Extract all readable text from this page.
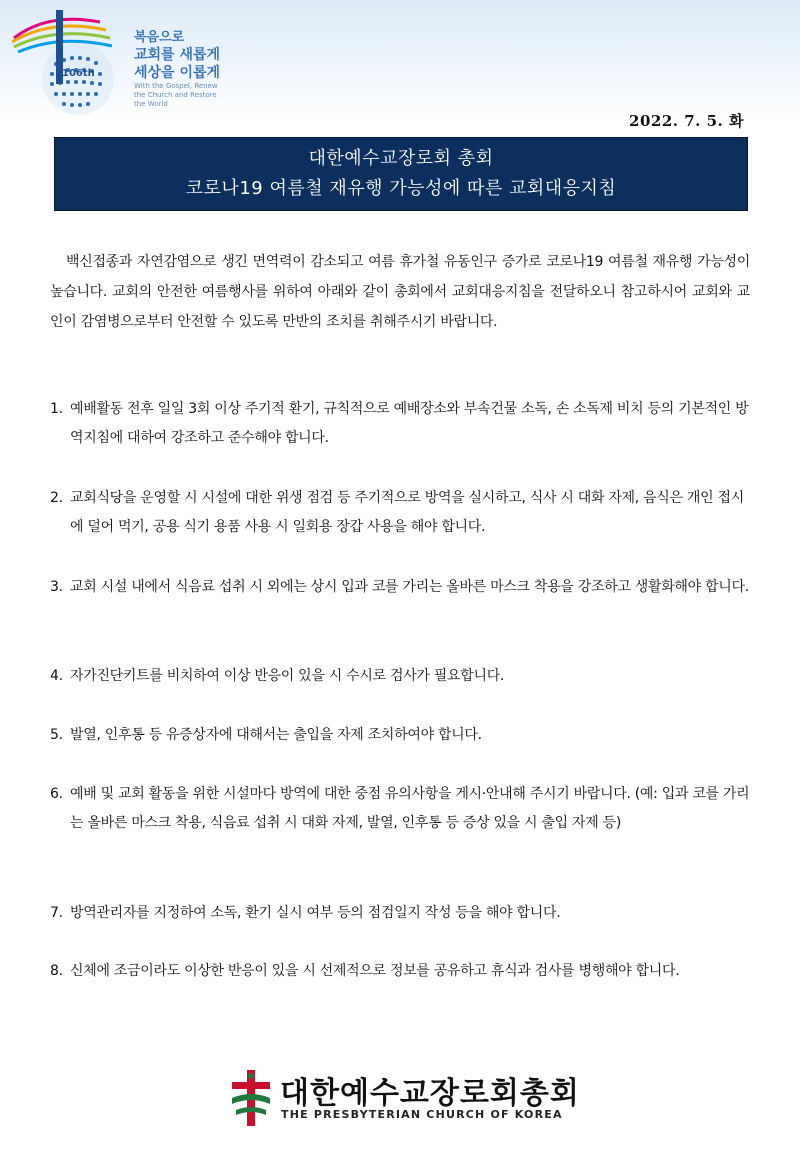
106th
복음으로
교회를 새롭게
세상을 이롭게
With the Gospel, Renew the Church and Restore the World
2022. 7. 5. 화
대한예수교장로회 총회
코로나19 여름철 재유행 가능성에 따른 교회대응지침
백신접종과 자연감염으로 생긴 면역력이 감소되고 여름 휴가철 유동인구 증가로 코로나19 여름철 재유행 가능성이 높습니다. 교회의 안전한 여름행사를 위하여 아래와 같이 총회에서 교회대응지침을 전달하오니 참고하시어 교회와 교인이 감염병으로부터 안전할 수 있도록 만반의 조치를 취해주시기 바랍니다.
1. 예배활동 전후 일일 3회 이상 주기적 환기, 규칙적으로 예배장소와 부속건물 소독, 손 소독제 비치 등의 기본적인 방역지침에 대하여 강조하고 준수해야 합니다.
2. 교회식당을 운영할 시 시설에 대한 위생 점검 등 주기적으로 방역을 실시하고, 식사 시 대화 자제, 음식은 개인 접시에 덜어 먹기, 공용 식기 용품 사용 시 일회용 장갑 사용을 해야 합니다.
3. 교회 시설 내에서 식음료 섭취 시 외에는 상시 입과 코를 가리는 올바른 마스크 착용을 강조하고 생활화해야 합니다.
4. 자가진단키트를 비치하여 이상 반응이 있을 시 수시로 검사가 필요합니다.
5. 발열, 인후통 등 유증상자에 대해서는 출입을 자제 조치하여야 합니다.
6. 예배 및 교회 활동을 위한 시설마다 방역에 대한 중점 유의사항을 게시·안내해 주시기 바랍니다. (예: 입과 코를 가리는 올바른 마스크 착용, 식음료 섭취 시 대화 자제, 발열, 인후통 등 증상 있을 시 출입 자제 등)
7. 방역관리자를 지정하여 소독, 환기 실시 여부 등의 점검일지 작성 등을 해야 합니다.
8. 신체에 조금이라도 이상한 반응이 있을 시 선제적으로 정보를 공유하고 휴식과 검사를 병행해야 합니다.
대한예수교장로회총회
THE PRESBYTERIAN CHURCH OF KOREA
